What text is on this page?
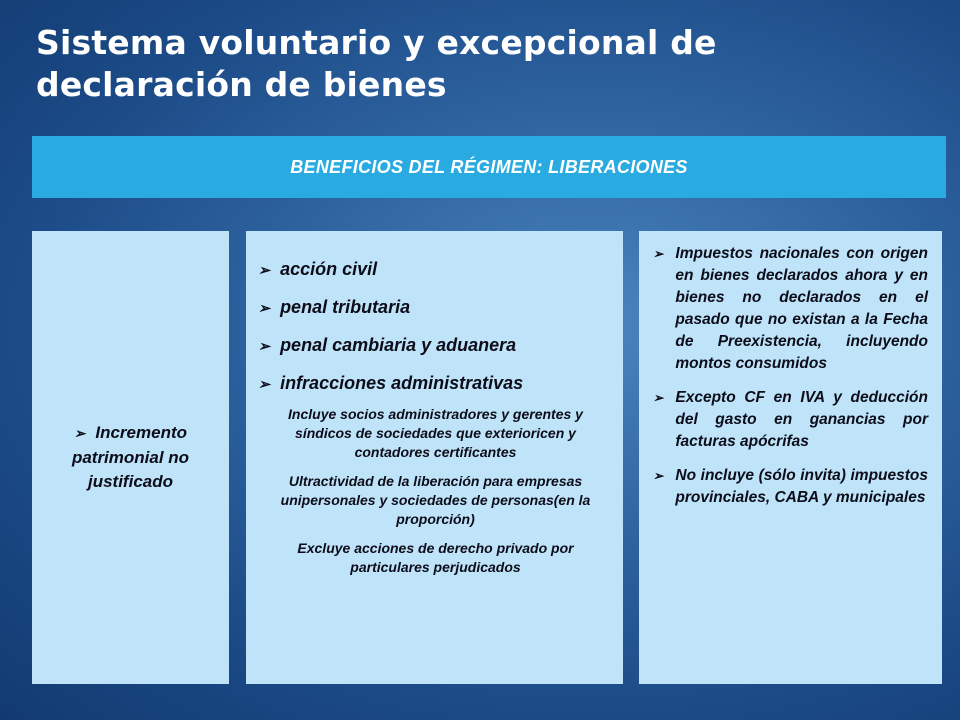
Sistema voluntario y excepcional de
declaración de bienes
BENEFICIOS DEL RÉGIMEN: LIBERACIONES
➢ Incremento patrimonial no justificado
➢ acción civil
➢ penal tributaria
➢ penal cambiaria y aduanera
➢ infracciones administrativas
Incluye socios administradores y gerentes y síndicos de sociedades que exterioricen y contadores certificantes
Ultractividad de la liberación para empresas unipersonales y sociedades de personas(en la proporción)
Excluye acciones de derecho privado por particulares perjudicados
➢ Impuestos nacionales con origen en bienes declarados ahora y en bienes no declarados en el pasado que no existan a la Fecha de Preexistencia, incluyendo montos consumidos
➢ Excepto CF en IVA y deducción del gasto en ganancias por facturas apócrifas
➢ No incluye (sólo invita) impuestos provinciales, CABA y municipales
